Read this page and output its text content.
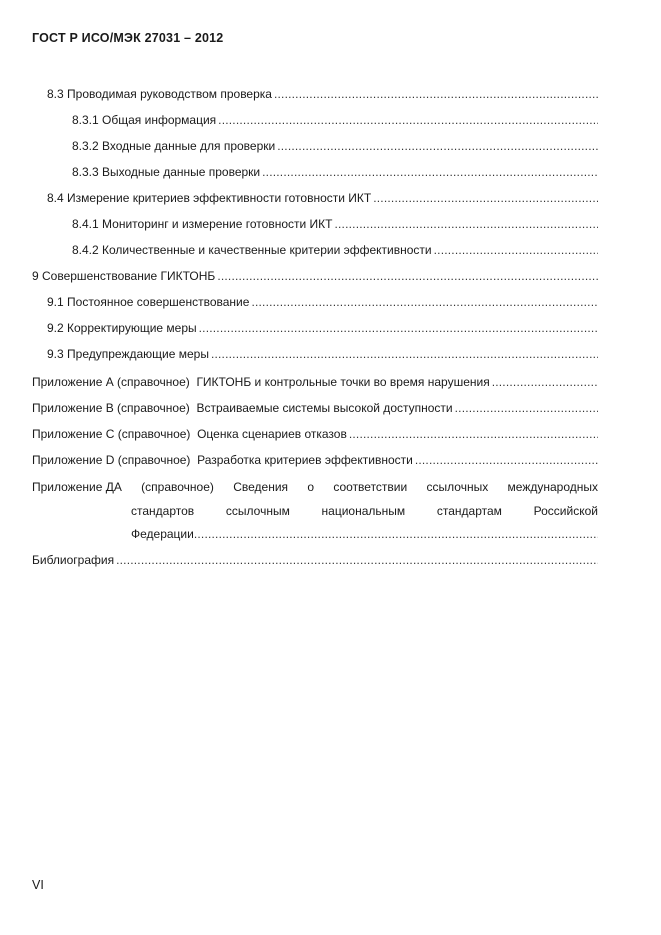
ГОСТ Р ИСО/МЭК 27031 – 2012
8.3 Проводимая руководством проверка
.....
8.3.1 Общая информация
.....
8.3.2 Входные данные для проверки
.....
8.3.3 Выходные данные проверки
.....
8.4 Измерение критериев эффективности готовности ИКТ
.....
8.4.1 Мониторинг и измерение готовности ИКТ
.....
8.4.2 Количественные и качественные критерии эффективности
.....
9 Совершенствование ГИКТОНБ
.....
9.1 Постоянное совершенствование
.....
9.2 Корректирующие меры
.....
9.3 Предупреждающие меры
.....
Приложение А (справочное)  ГИКТОНБ и контрольные точки во время нарушения
.....
Приложение В (справочное)  Встраиваемые системы высокой доступности
.....
Приложение С (справочное)  Оценка сценариев отказов
.....
Приложение D (справочное)  Разработка критериев эффективности
.....
Приложение ДА (справочное) Сведения о соответствии ссылочных международных
стандартов	ссылочным	национальным	стандартам	Российской
Федерации
.....
Библиография
.....
VI
